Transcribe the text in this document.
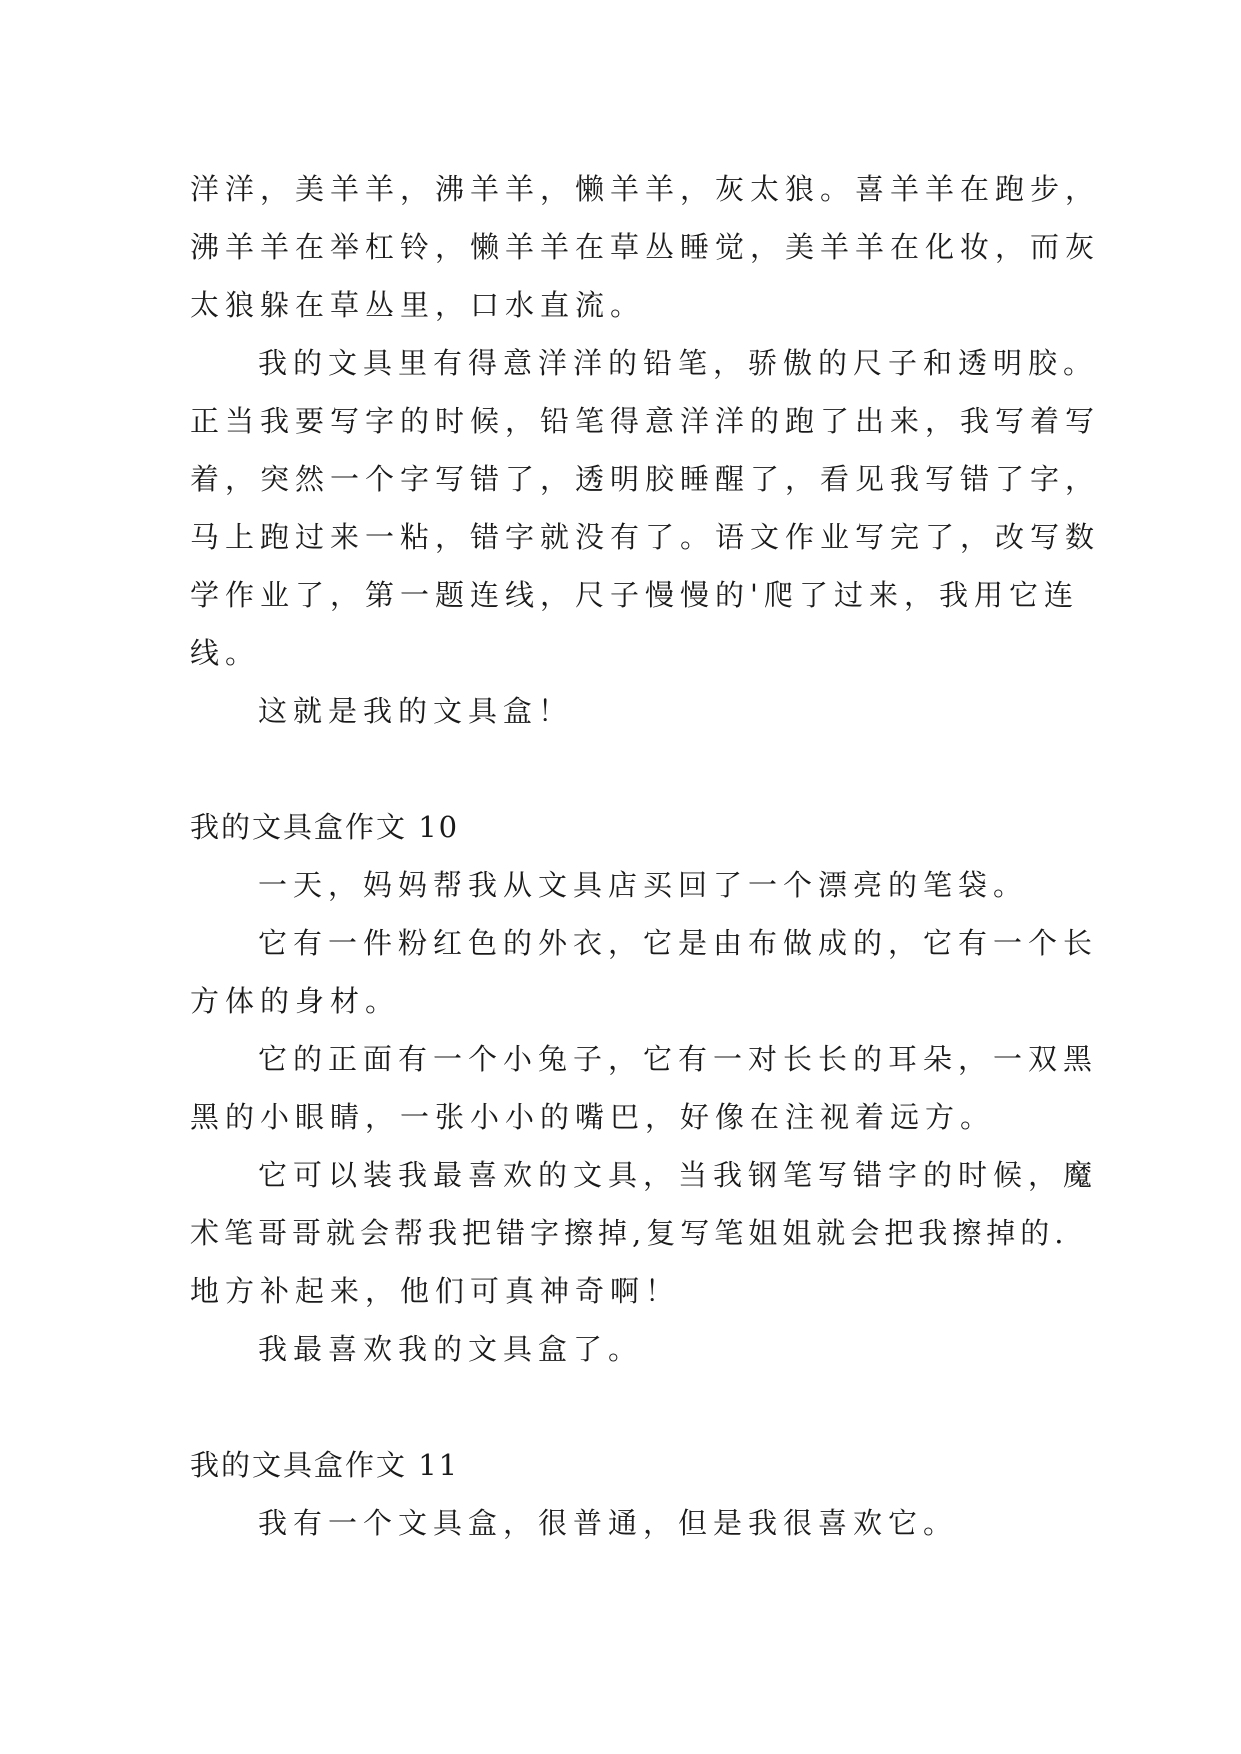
洋洋，美羊羊，沸羊羊，懒羊羊，灰太狼。喜羊羊在跑步，
沸羊羊在举杠铃，懒羊羊在草丛睡觉，美羊羊在化妆，而灰
太狼躲在草丛里，口水直流。
我的文具里有得意洋洋的铅笔，骄傲的尺子和透明胶。
正当我要写字的时候，铅笔得意洋洋的跑了出来，我写着写
着，突然一个字写错了，透明胶睡醒了，看见我写错了字，
马上跑过来一粘，错字就没有了。语文作业写完了，改写数
学作业了，第一题连线，尺子慢慢的'爬了过来，我用它连
线。
这就是我的文具盒！
我的文具盒作文 10
一天，妈妈帮我从文具店买回了一个漂亮的笔袋。
它有一件粉红色的外衣，它是由布做成的，它有一个长
方体的身材。
它的正面有一个小兔子，它有一对长长的耳朵，一双黑
黑的小眼睛，一张小小的嘴巴，好像在注视着远方。
它可以装我最喜欢的文具，当我钢笔写错字的时候，魔
术笔哥哥就会帮我把错字擦掉,复写笔姐姐就会把我擦掉的.
地方补起来，他们可真神奇啊！
我最喜欢我的文具盒了。
我的文具盒作文 11
我有一个文具盒，很普通，但是我很喜欢它。
